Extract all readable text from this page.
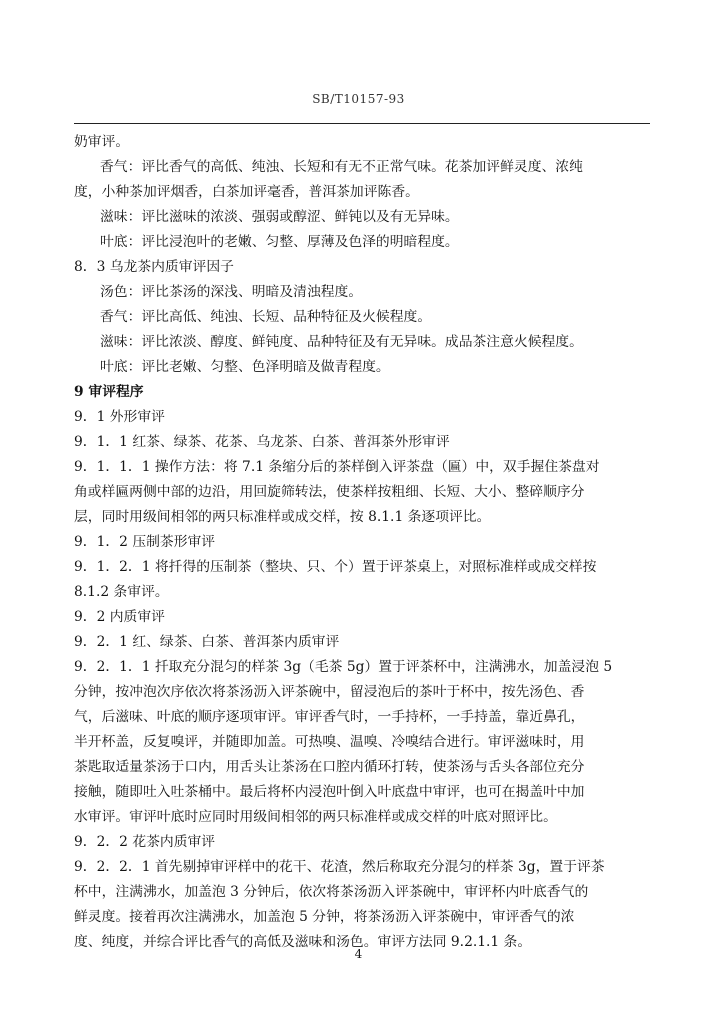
SB/T10157-93
奶审评。
香气：评比香气的高低、纯浊、长短和有无不正常气味。花茶加评鲜灵度、浓纯
度，小种茶加评烟香，白茶加评毫香，普洱茶加评陈香。
滋味：评比滋味的浓淡、强弱或醇涩、鲜钝以及有无异味。
叶底：评比浸泡叶的老嫩、匀整、厚薄及色泽的明暗程度。
8．3 乌龙茶内质审评因子
汤色：评比茶汤的深浅、明暗及清浊程度。
香气：评比高低、纯浊、长短、品种特征及火候程度。
滋味：评比浓淡、醇度、鲜钝度、品种特征及有无异味。成品茶注意火候程度。
叶底：评比老嫩、匀整、色泽明暗及做青程度。
9 审评程序
9．1 外形审评
9．1．1 红茶、绿茶、花茶、乌龙茶、白茶、普洱茶外形审评
9．1．1．1 操作方法：将 7.1 条缩分后的茶样倒入评茶盘（匾）中，双手握住茶盘对
角或样匾两侧中部的边沿，用回旋筛转法，使茶样按粗细、长短、大小、整碎顺序分
层，同时用级间相邻的两只标准样或成交样，按 8.1.1 条逐项评比。
9．1．2 压制茶形审评
9．1．2．1 将扦得的压制茶（整块、只、个）置于评茶桌上，对照标准样或成交样按
8.1.2 条审评。
9．2 内质审评
9．2．1 红、绿茶、白茶、普洱茶内质审评
9．2．1．1 扦取充分混匀的样茶 3g（毛茶 5g）置于评茶杯中，注满沸水，加盖浸泡 5
分钟，按冲泡次序依次将茶汤沥入评茶碗中，留浸泡后的茶叶于杯中，按先汤色、香
气，后滋味、叶底的顺序逐项审评。审评香气时，一手持杯，一手持盖，靠近鼻孔，
半开杯盖，反复嗅评，并随即加盖。可热嗅、温嗅、冷嗅结合进行。审评滋味时，用
茶匙取适量茶汤于口内，用舌头让茶汤在口腔内循环打转，使茶汤与舌头各部位充分
接触，随即吐入吐茶桶中。最后将杯内浸泡叶倒入叶底盘中审评，也可在揭盖叶中加
水审评。审评叶底时应同时用级间相邻的两只标准样或成交样的叶底对照评比。
9．2．2 花茶内质审评
9．2．2．1 首先剔掉审评样中的花干、花渣，然后称取充分混匀的样茶 3g，置于评茶
杯中，注满沸水，加盖泡 3 分钟后，依次将茶汤沥入评茶碗中，审评杯内叶底香气的
鲜灵度。接着再次注满沸水，加盖泡 5 分钟，将茶汤沥入评茶碗中，审评香气的浓
度、纯度，并综合评比香气的高低及滋味和汤色。审评方法同 9.2.1.1 条。
4
